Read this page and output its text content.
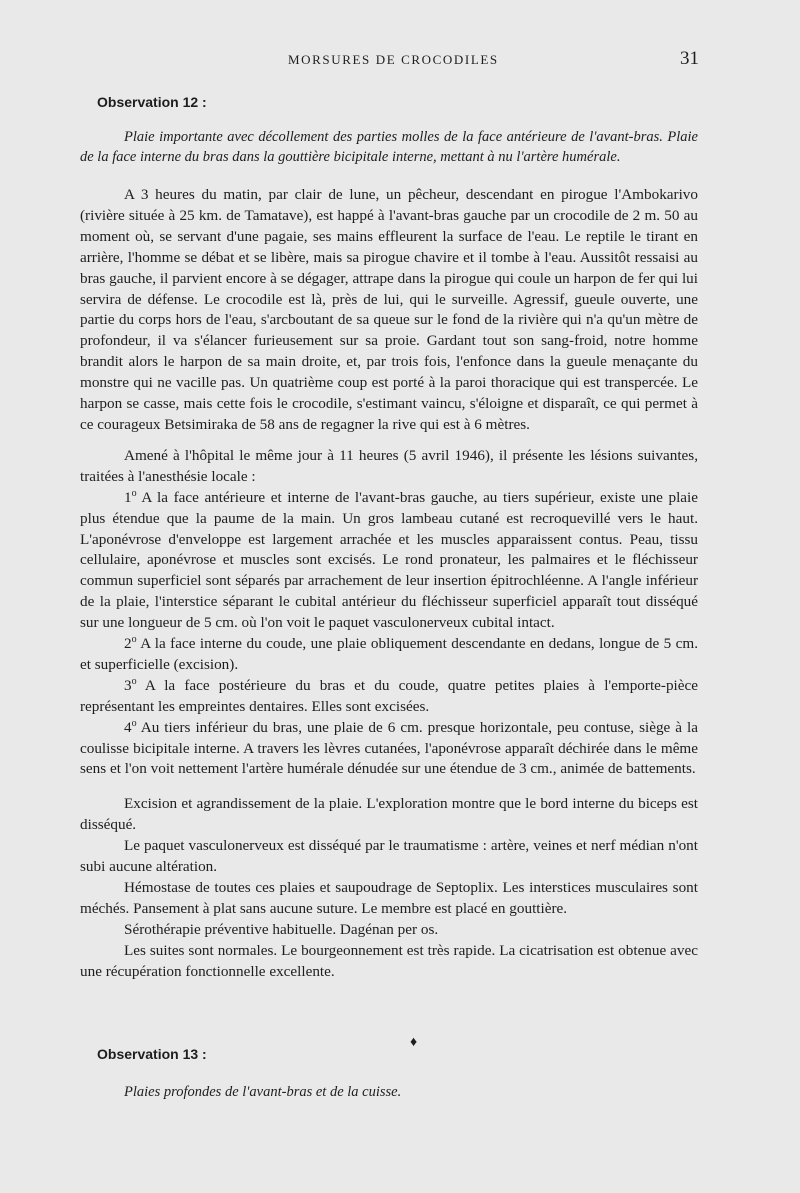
MORSURES DE CROCODILES	31
Observation 12 :

Plaie importante avec décollement des parties molles de la face antérieure de l'avant-bras. Plaie de la face interne du bras dans la gouttière bicipitale interne, mettant à nu l'artère humérale.

A 3 heures du matin, par clair de lune, un pêcheur, descendant en pirogue l'Ambokarivo (rivière située à 25 km. de Tamatave), est happé à l'avant-bras gauche par un crocodile de 2 m. 50 au moment où, se servant d'une pagaie, ses mains effleurent la surface de l'eau. Le reptile le tirant en arrière, l'homme se débat et se libère, mais sa pirogue chavire et il tombe à l'eau. Aussitôt ressaisi au bras gauche, il parvient encore à se dégager, attrape dans la pirogue qui coule un harpon de fer qui lui servira de défense. Le crocodile est là, près de lui, qui le surveille. Agressif, gueule ouverte, une partie du corps hors de l'eau, s'arcboutant de sa queue sur le fond de la rivière qui n'a qu'un mètre de profondeur, il va s'élancer furieusement sur sa proie. Gardant tout son sang-froid, notre homme brandit alors le harpon de sa main droite, et, par trois fois, l'enfonce dans la gueule menaçante du monstre qui ne vacille pas. Un quatrième coup est porté à la paroi thoracique qui est transpercée. Le harpon se casse, mais cette fois le crocodile, s'estimant vaincu, s'éloigne et disparaît, ce qui permet à ce courageux Betsimiraka de 58 ans de regagner la rive qui est à 6 mètres.

Amené à l'hôpital le même jour à 11 heures (5 avril 1946), il présente les lésions suivantes, traitées à l'anesthésie locale :

1$^o$ A la face antérieure et interne de l'avant-bras gauche, au tiers supérieur, existe une plaie plus étendue que la paume de la main. Un gros lambeau cutané est recroquevillé vers le haut. L'aponévrose d'enveloppe est largement arrachée et les muscles apparaissent contus. Peau, tissu cellulaire, aponévrose et muscles sont excisés. Le rond pronateur, les palmaires et le fléchisseur commun superficiel sont séparés par arrachement de leur insertion épitrochléenne. A l'angle inférieur de la plaie, l'interstice séparant le cubital antérieur du fléchisseur superficiel apparaît tout disséqué sur une longueur de 5 cm. où l'on voit le paquet vasculonerveux cubital intact.

2$^o$ A la face interne du coude, une plaie obliquement descendante en dedans, longue de 5 cm. et superficielle (excision).

3$^o$ A la face postérieure du bras et du coude, quatre petites plaies à l'emporte-pièce représentant les empreintes dentaires. Elles sont excisées.

4$^o$ Au tiers inférieur du bras, une plaie de 6 cm. presque horizontale, peu contuse, siège à la coulisse bicipitale interne. A travers les lèvres cutanées, l'aponévrose apparaît déchirée dans le même sens et l'on voit nettement l'artère humérale dénudée sur une étendue de 3 cm., animée de battements.

Excision et agrandissement de la plaie. L'exploration montre que le bord interne du biceps est disséqué.

Le paquet vasculonerveux est disséqué par le traumatisme : artère, veines et nerf médian n'ont subi aucune altération.

Hémostase de toutes ces plaies et saupoudrage de Septoplix. Les interstices musculaires sont méchés. Pansement à plat sans aucune suture. Le membre est placé en gouttière.

Sérothérapie préventive habituelle. Dagénan per os.

Les suites sont normales. Le bourgeonnement est très rapide. La cicatrisation est obtenue avec une récupération fonctionnelle excellente.

♦
Observation 13 :

Plaies profondes de l'avant-bras et de la cuisse.
